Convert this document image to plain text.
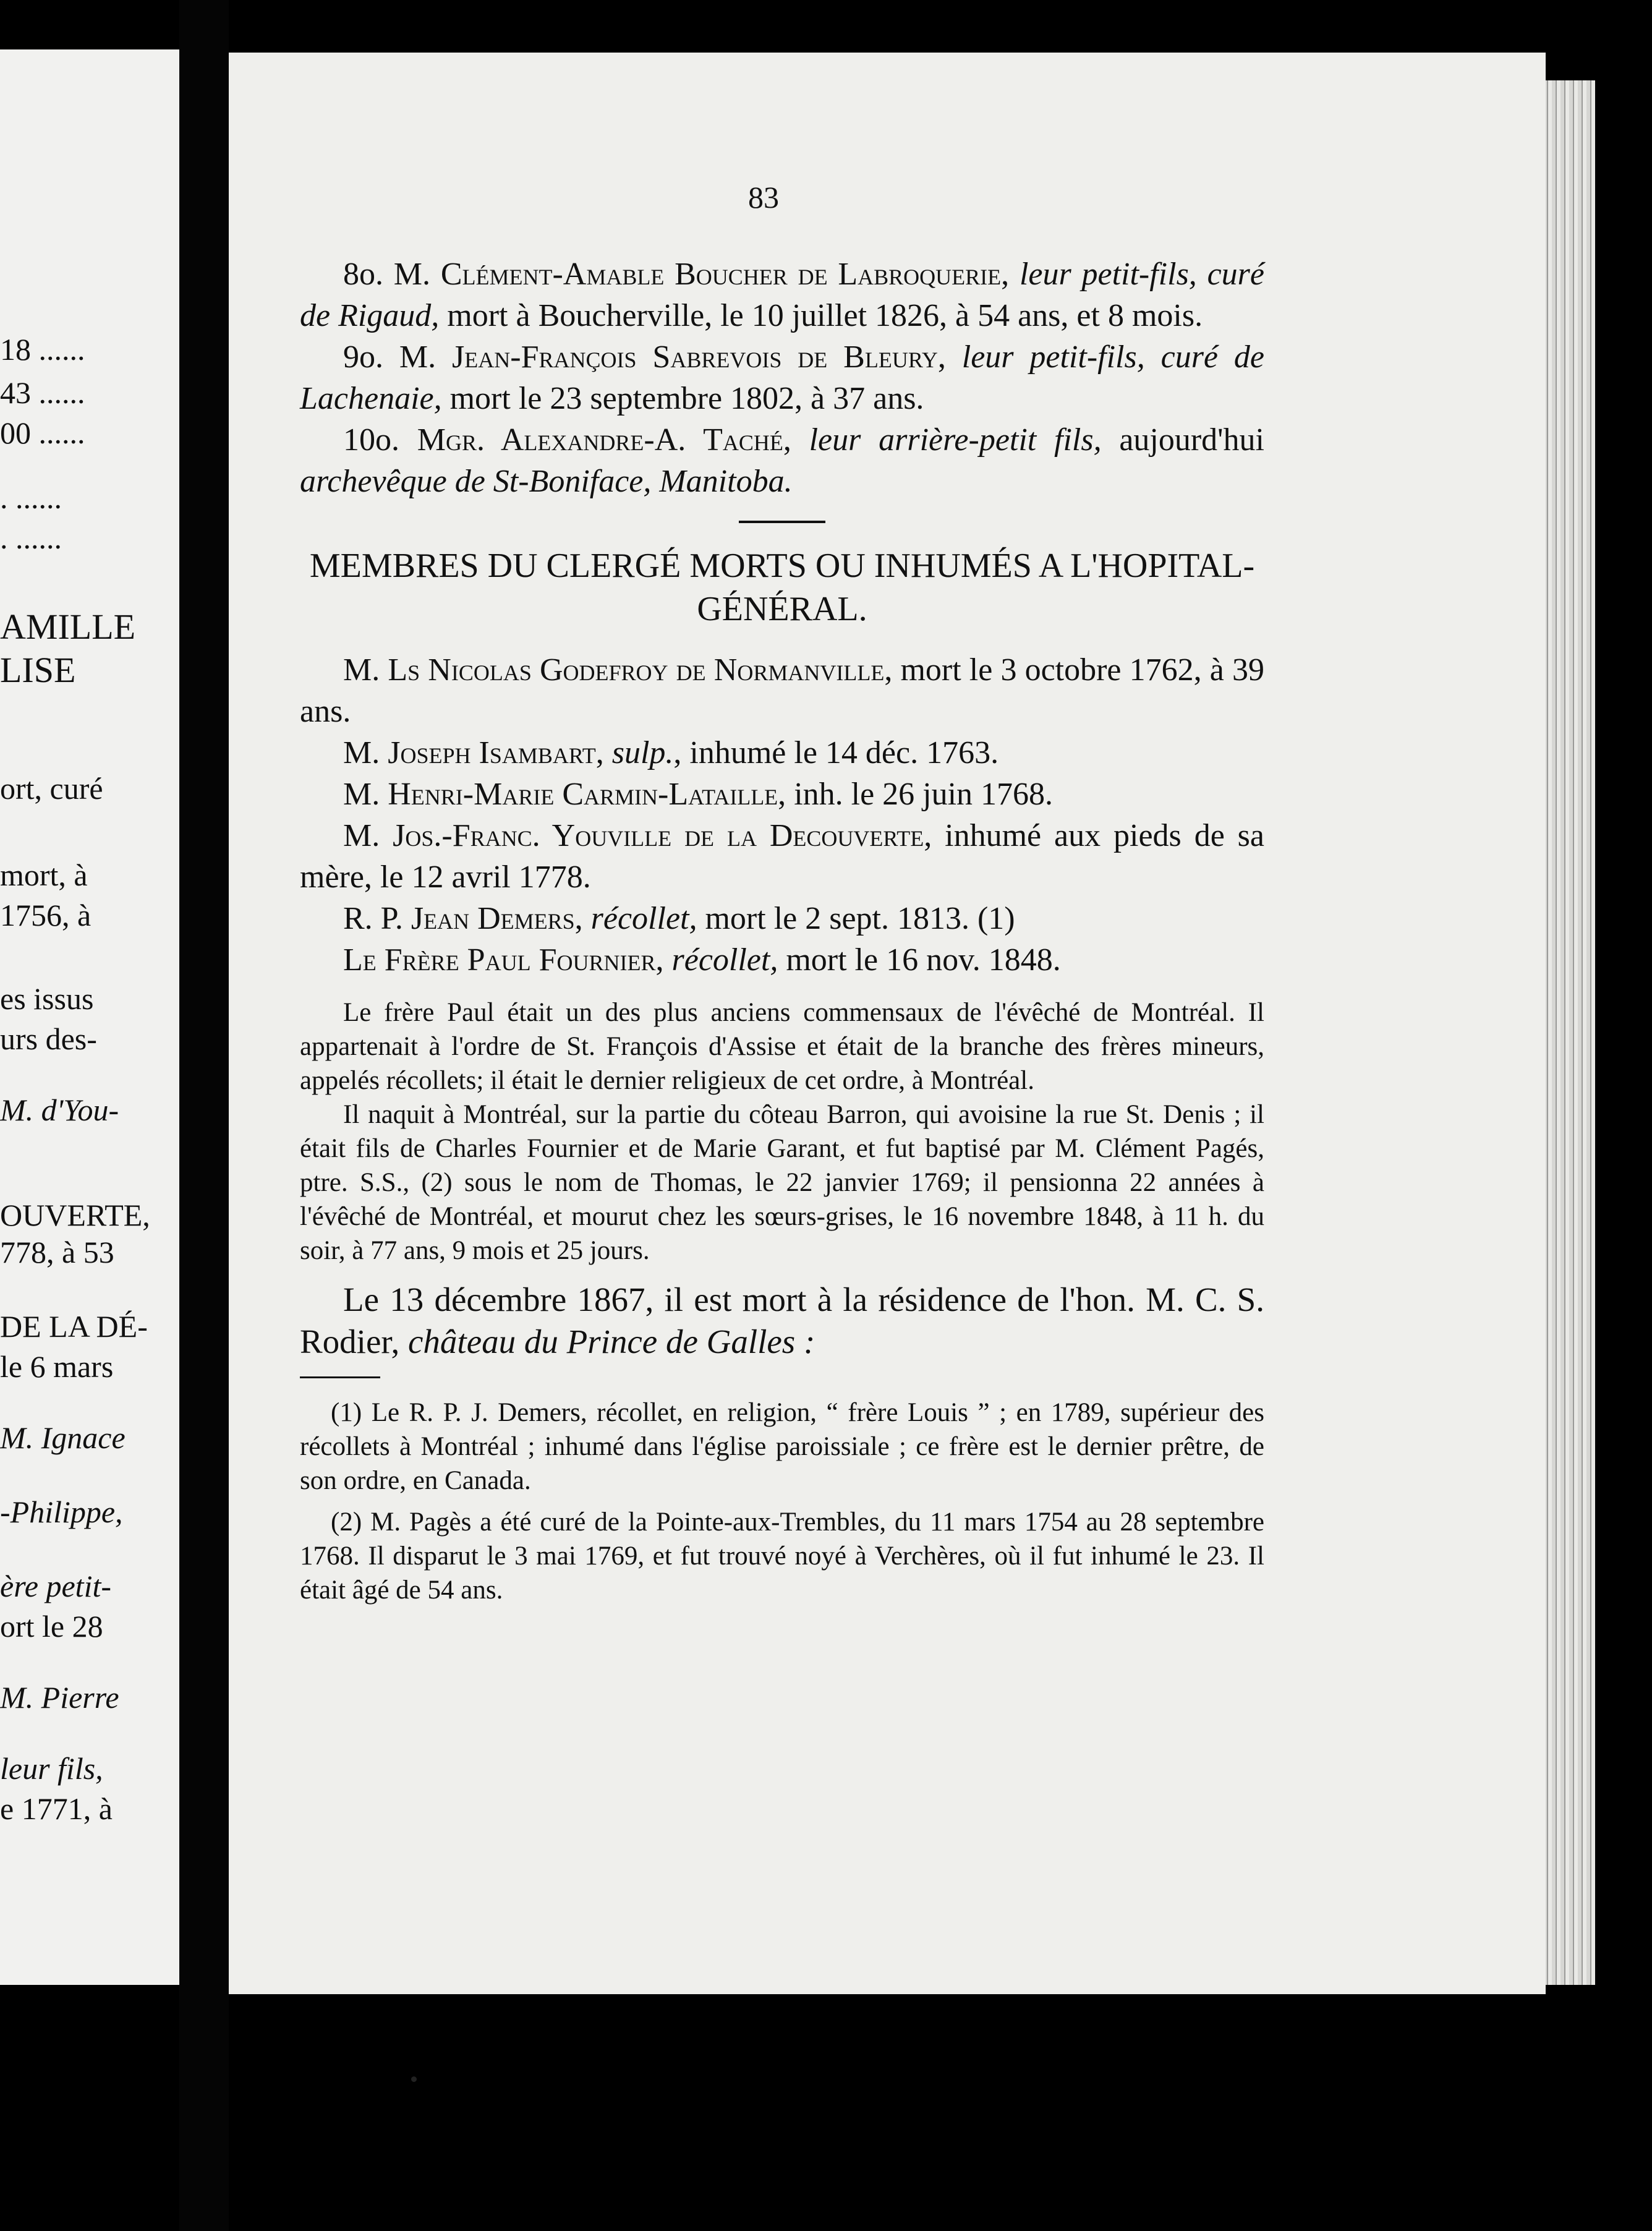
18 ......
43 ......
00 ......
. ......
. ......
AMILLE
LISE
ort, curé
mort, à
1756, à
es issus
urs des-
M. d'You-
OUVERTE,
778, à 53
DE LA DÉ-
le 6 mars
M. Ignace
-Philippe,
ère petit-
ort le 28
M. Pierre
leur fils,
e 1771, à
83

8o. M. Clément-Amable Boucher de Labroquerie, leur petit-fils, curé de Rigaud, mort à Boucherville, le 10 juillet 1826, à 54 ans, et 8 mois.

9o. M. Jean-François Sabrevois de Bleury, leur petit-fils, curé de Lachenaie, mort le 23 septembre 1802, à 37 ans.

10o. Mgr. Alexandre-A. Taché, leur arrière-petit fils, aujourd'hui archevêque de St-Boniface, Manitoba.

MEMBRES DU CLERGÉ MORTS OU INHUMÉS A L'HOPITAL-GÉNÉRAL.

M. Ls Nicolas Godefroy de Normanville, mort le 3 octobre 1762, à 39 ans.

M. Joseph Isambart, sulp., inhumé le 14 déc. 1763.

M. Henri-Marie Carmin-Lataille, inh. le 26 juin 1768.

M. Jos.-Franc. Youville de la Decouverte, inhumé aux pieds de sa mère, le 12 avril 1778.

R. P. Jean Demers, récollet, mort le 2 sept. 1813. (1)

Le Frère Paul Fournier, récollet, mort le 16 nov. 1848.

Le frère Paul était un des plus anciens commensaux de l'évêché de Montréal. Il appartenait à l'ordre de St. François d'Assise et était de la branche des frères mineurs, appelés récollets; il était le dernier religieux de cet ordre, à Montréal.

Il naquit à Montréal, sur la partie du côteau Barron, qui avoisine la rue St. Denis ; il était fils de Charles Fournier et de Marie Garant, et fut baptisé par M. Clément Pagés, ptre. S.S., (2) sous le nom de Thomas, le 22 janvier 1769; il pensionna 22 années à l'évêché de Montréal, et mourut chez les sœurs-grises, le 16 novembre 1848, à 11 h. du soir, à 77 ans, 9 mois et 25 jours.

Le 13 décembre 1867, il est mort à la résidence de l'hon. M. C. S. Rodier, château du Prince de Galles :

(1) Le R. P. J. Demers, récollet, en religion, “ frère Louis ” ; en 1789, supérieur des récollets à Montréal ; inhumé dans l'église paroissiale ; ce frère est le dernier prêtre, de son ordre, en Canada.

(2) M. Pagès a été curé de la Pointe-aux-Trembles, du 11 mars 1754 au 28 septembre 1768. Il disparut le 3 mai 1769, et fut trouvé noyé à Verchères, où il fut inhumé le 23. Il était âgé de 54 ans.
